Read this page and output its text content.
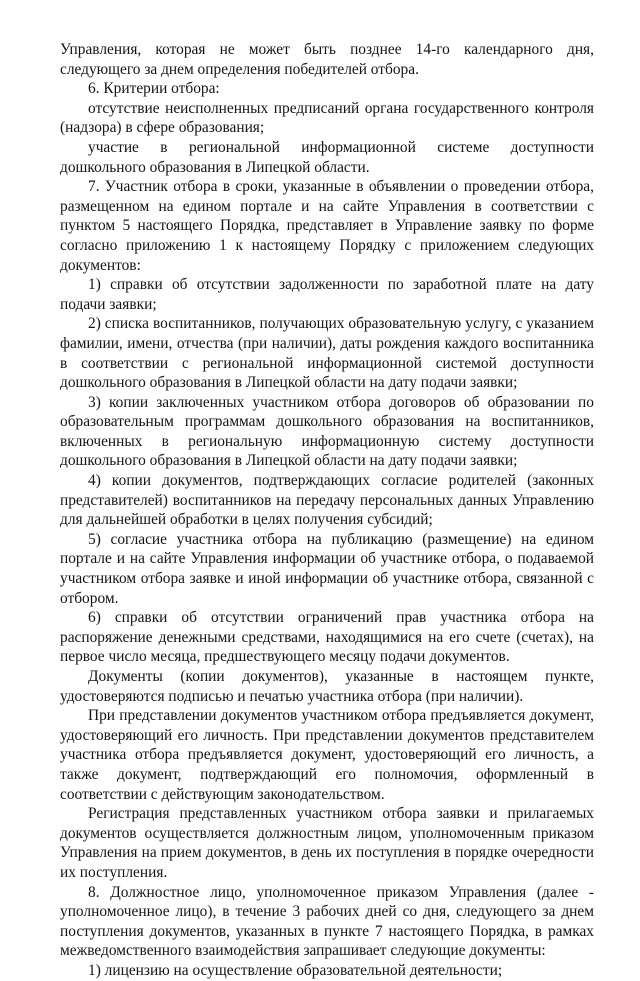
Управления, которая не может быть позднее 14-го календарного дня, следующего за днем определения победителей отбора.

6. Критерии отбора:

отсутствие неисполненных предписаний органа государственного контроля (надзора) в сфере образования;

участие в региональной информационной системе доступности дошкольного образования в Липецкой области.

7. Участник отбора в сроки, указанные в объявлении о проведении отбора, размещенном на едином портале и на сайте Управления в соответствии с пунктом 5 настоящего Порядка, представляет в Управление заявку по форме согласно приложению 1 к настоящему Порядку с приложением следующих документов:

1) справки об отсутствии задолженности по заработной плате на дату подачи заявки;

2) списка воспитанников, получающих образовательную услугу, с указанием фамилии, имени, отчества (при наличии), даты рождения каждого воспитанника в соответствии с региональной информационной системой доступности дошкольного образования в Липецкой области на дату подачи заявки;

3) копии заключенных участником отбора договоров об образовании по образовательным программам дошкольного образования на воспитанников, включенных в региональную информационную систему доступности дошкольного образования в Липецкой области на дату подачи заявки;

4) копии документов, подтверждающих согласие родителей (законных представителей) воспитанников на передачу персональных данных Управлению для дальнейшей обработки в целях получения субсидий;

5) согласие участника отбора на публикацию (размещение) на едином портале и на сайте Управления информации об участнике отбора, о подаваемой участником отбора заявке и иной информации об участнике отбора, связанной с отбором.

6) справки об отсутствии ограничений прав участника отбора на распоряжение денежными средствами, находящимися на его счете (счетах), на первое число месяца, предшествующего месяцу подачи документов.

Документы (копии документов), указанные в настоящем пункте, удостоверяются подписью и печатью участника отбора (при наличии).

При представлении документов участником отбора предъявляется документ, удостоверяющий его личность. При представлении документов представителем участника отбора предъявляется документ, удостоверяющий его личность, а также документ, подтверждающий его полномочия, оформленный в соответствии с действующим законодательством.

Регистрация представленных участником отбора заявки и прилагаемых документов осуществляется должностным лицом, уполномоченным приказом Управления на прием документов, в день их поступления в порядке очередности их поступления.

8. Должностное лицо, уполномоченное приказом Управления (далее - уполномоченное лицо), в течение 3 рабочих дней со дня, следующего за днем поступления документов, указанных в пункте 7 настоящего Порядка, в рамках межведомственного взаимодействия запрашивает следующие документы:

1) лицензию на осуществление образовательной деятельности;
